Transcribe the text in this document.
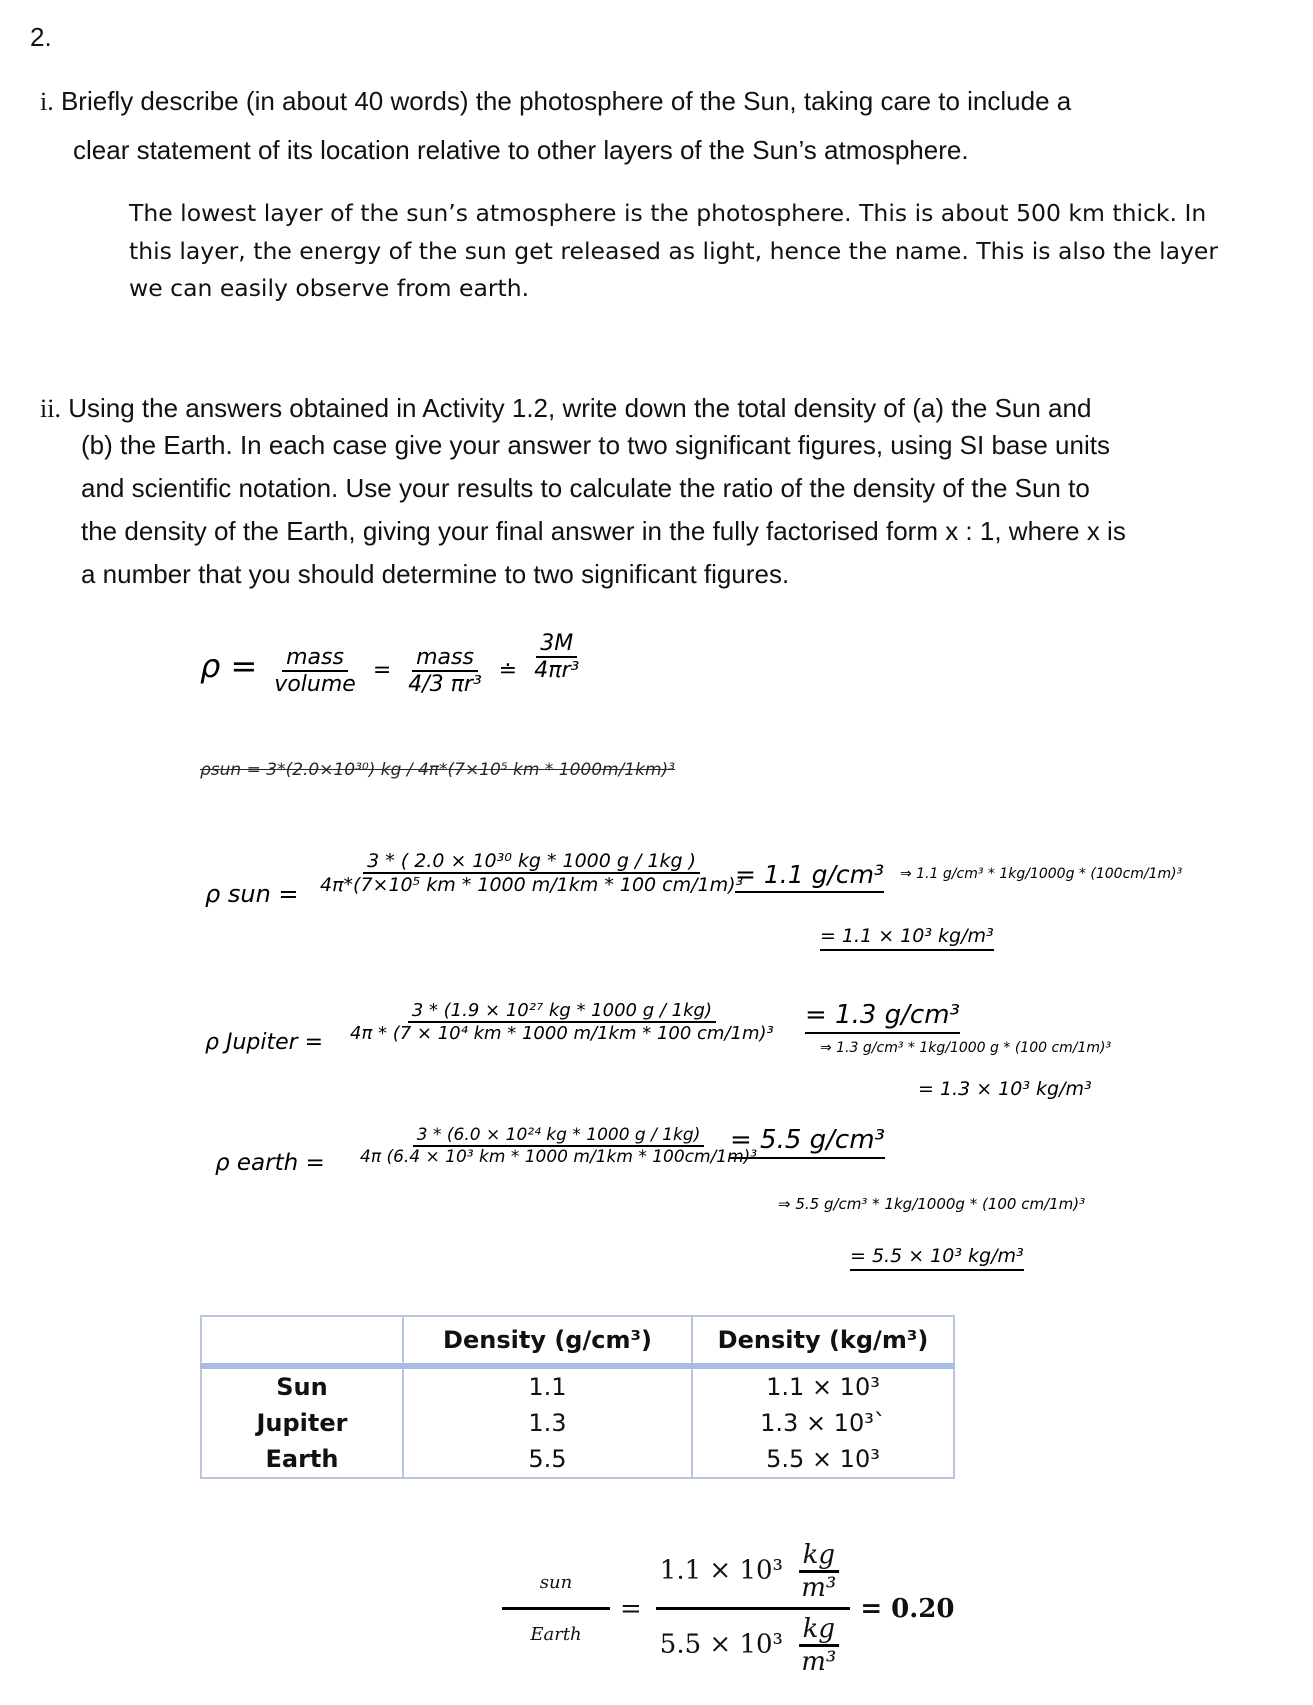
2.
i. Briefly describe (in about 40 words) the photosphere of the Sun, taking care to include a
clear statement of its location relative to other layers of the Sun’s atmosphere.
The lowest layer of the sun’s atmosphere is the photosphere. This is about 500 km thick. In
this layer, the energy of the sun get released as light, hence the name. This is also the layer
we can easily observe from earth.
ii. Using the answers obtained in Activity 1.2, write down the total density of (a) the Sun and
(b) the Earth. In each case give your answer to two significant figures, using SI base units
and scientific notation. Use your results to calculate the ratio of the density of the Sun to
the density of the Earth, giving your final answer in the fully factorised form x : 1, where x is
a number that you should determine to two significant figures.
$\rho = \frac{\text{mass}}{\text{volume}} = \frac{\text{mass}}{\text{4/3 πr³}}$ ≐ $\frac{3M}{\text{4πr³}}$
ρsun = 3*(2.0×10³⁰) kg / 4π*(7×10⁵ km * 1000m/1km)³
ρ sun = $\frac{\text{3 * ( 2.0 × 10³⁰ kg * 1000 g / 1kg )}}{\text{4π*(7×10⁵ km * 1000 m/1km * 100 cm/1m)³}}$
= 1.1 g/cm³ ⇒ 1.1 g/cm³ * 1kg/1000g * (100cm/1m)³
= 1.1 × 10³ kg/m³
ρ Jupiter = $\frac{\text{3 * (1.9 × 10²⁷ kg * 1000 g / 1kg)}}{\text{4π * (7 × 10⁴ km * 1000 m/1km * 100 cm/1m)³}} = 1.3$ g/cm³
⇒ 1.3 g/cm³ * 1kg/1000 g * (100 cm/1m)³
= 1.3 × 10³ kg/m³
ρ earth = $\frac{\text{3 * (6.0 × 10²⁴ kg * 1000 g / 1kg)}}{\text{4π (6.4 × 10³ km * 1000 m/1km * 100cm/1m)³}}$
= 5.5 g/cm³
⇒ 5.5 g/cm³ * 1kg/1000g * (100 cm/1m)³
= 5.5 × 10³ kg/m³
	Density (g/cm³)	Density (kg/m³)
Sun	1.1	1.1 × 10³
Jupiter	1.3	1.3 × 10³`
Earth	5.5	5.5 × 10³
$\frac{\text{sun}}{\text{Earth}} = \frac{1.1 \times 10^3 \frac{kg}{\text{m³}}}{5.5 \times 10^3 \frac{kg}{\text{m³}}} = 0.20$
